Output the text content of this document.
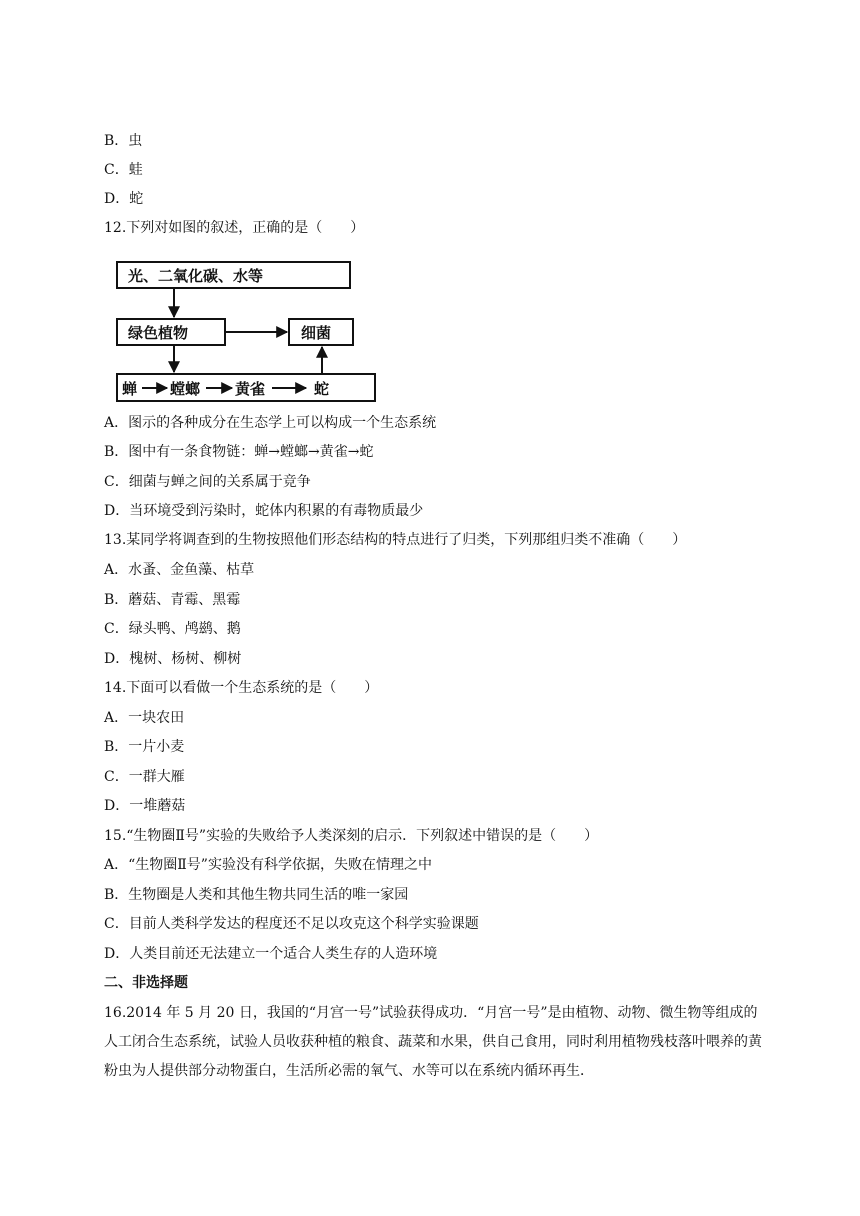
B．虫
C．蛙
D．蛇
12.下列对如图的叙述，正确的是（　　）
光、二氧化碳、水等
绿色植物	细菌
蝉 螳螂 黄雀	蛇
A．图示的各种成分在生态学上可以构成一个生态系统
B．图中有一条食物链：蝉→螳螂→黄雀→蛇
C．细菌与蝉之间的关系属于竞争
D．当环境受到污染时，蛇体内积累的有毒物质最少
13.某同学将调查到的生物按照他们形态结构的特点进行了归类，下列那组归类不准确（　　）
A．水蚤、金鱼藻、枯草
B．蘑菇、青霉、黑霉
C．绿头鸭、鸬鹚、鹅
D．槐树、杨树、柳树
14.下面可以看做一个生态系统的是（　　）
A．一块农田
B．一片小麦
C．一群大雁
D．一堆蘑菇
15.“生物圈Ⅱ号”实验的失败给予人类深刻的启示．下列叙述中错误的是（　　）
A．“生物圈Ⅱ号”实验没有科学依据，失败在情理之中
B．生物圈是人类和其他生物共同生活的唯一家园
C．目前人类科学发达的程度还不足以攻克这个科学实验课题
D．人类目前还无法建立一个适合人类生存的人造环境
二、非选择题
16.2014 年 5 月 20 日，我国的“月宫一号”试验获得成功．“月宫一号”是由植物、动物、微生物等组成的人工闭合生态系统，试验人员收获种植的粮食、蔬菜和水果，供自己食用，同时利用植物残枝落叶喂养的黄粉虫为人提供部分动物蛋白，生活所必需的氧气、水等可以在系统内循环再生．
